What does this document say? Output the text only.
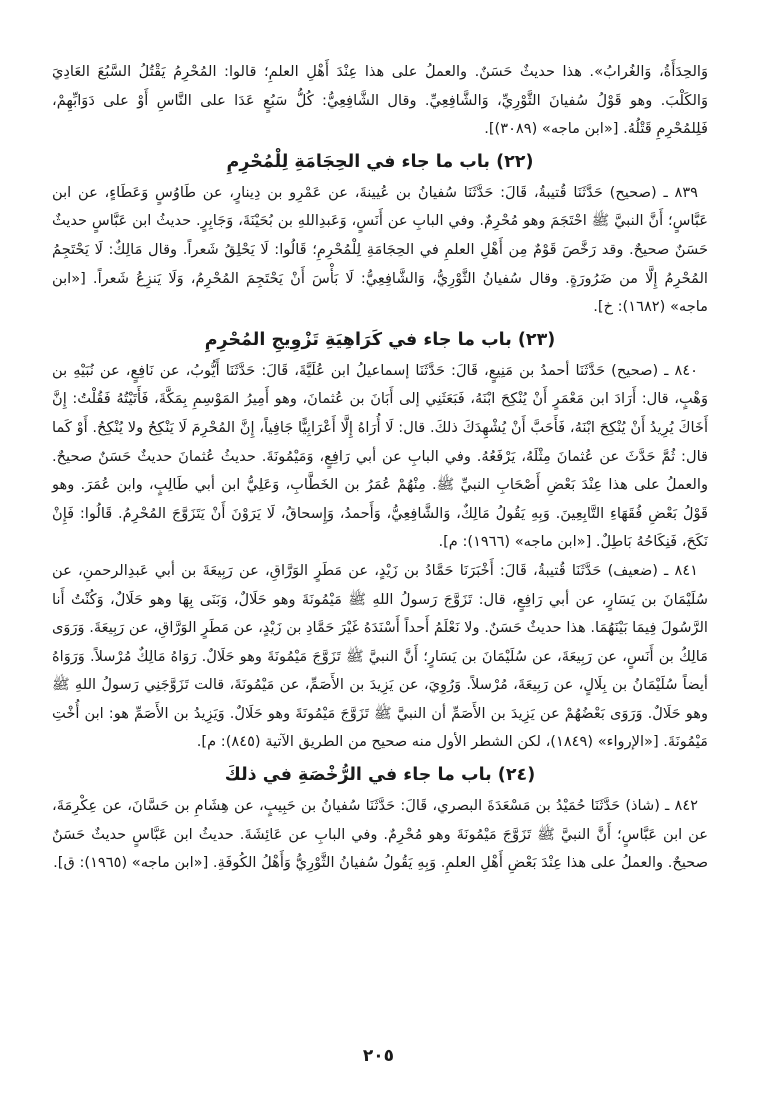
وَالحِدَأَةُ، وَالغُرابُ». هذا حديثٌ حَسَنٌ. والعملُ على هذا عِنْدَ أَهْلِ العلمِ؛ قالوا: المُحْرِمُ يَقْتُلُ السَّبُعَ العَادِيَ وَالكَلْبَ. وهو قَوْلُ سُفيانَ الثَّوْرِيِّ، وَالشَّافِعِيِّ. وقال الشَّافِعِيُّ: كُلُّ سَبُعٍ عَدَا على النَّاسِ أَوْ على دَوَابِّهِمْ، فَلِلمُحْرِمِ قَتْلُهُ. [«ابن ماجه» (٣٠٨٩)].

(٢٢) باب ما جاء في الحِجَامَةِ لِلْمُحْرِمِ

٨٣٩ ـ (صحيح) حَدَّثَنَا قُتيبةُ، قَالَ: حَدَّثَنَا سُفيانُ بن عُيينةَ، عن عَمْرِو بن دِينارٍ، عن طَاوُسٍ وَعَطَاءٍ، عن ابن عَبَّاسٍ؛ أَنَّ النبيَّ ﷺ احْتَجَمَ وهو مُحْرِمٌ. وفي البابِ عن أَنَسٍ، وَعَبدِاللهِ بن بُحَيْنَةَ، وَجَابِرٍ. حديثُ ابن عَبَّاسٍ حديثٌ حَسَنٌ صحيحٌ. وقد رَخَّصَ قَوْمٌ مِن أَهْلِ العلمِ في الحِجَامَةِ لِلْمُحْرِمِ؛ قَالُوا: لَا يَحْلِقُ شَعراً. وقال مَالِكٌ: لَا يَحْتَجِمُ المُحْرِمُ إِلَّا من ضَرُورَةٍ. وقال سُفيانُ الثَّوْرِيُّ، وَالشَّافِعِيُّ: لَا بَأْسَ أَنْ يَحْتَجِمَ المُحْرِمُ، وَلَا يَنزِعُ شَعراً. [«ابن ماجه» (١٦٨٢): خ].

(٢٣) باب ما جاء في كَرَاهِيَةِ تَزْوِيجِ المُحْرِمِ

٨٤٠ ـ (صحيح) حَدَّثَنَا أحمدُ بن مَنِيعٍ، قَالَ: حَدَّثَنَا إسماعيلُ ابن عُلَيَّةَ، قَالَ: حَدَّثَنَا أَيُّوبُ، عن نَافِعٍ، عن نُبَيْهِ بن وَهْبٍ، قال: أَرَادَ ابن مَعْمَرٍ أَنْ يُنْكِحَ ابْنَهُ، فَبَعَثَنِي إلى أَبَانَ بن عُثمانَ، وهو أَمِيرُ المَوْسِمِ بِمَكَّةَ، فَأَتَيْتُهُ فَقُلْتُ: إِنَّ أَخَاكَ يُرِيدُ أَنْ يُنْكِحَ ابْنَهُ، فَأَحَبَّ أَنْ يُشْهِدَكَ ذلكَ. قال: لَا أُرَاهُ إِلَّا أَعْرَابِيًّا جَافِياً، إِنَّ المُحْرِمَ لَا يَنْكِحُ ولا يُنْكِحُ. أَوْ كَما قال: ثُمَّ حَدَّثَ عن عُثمانَ مِثْلَهُ، يَرْفَعُهُ. وفي البابِ عن أبي رَافِعٍ، وَمَيْمُونَةَ. حديثُ عُثمانَ حديثٌ حَسَنٌ صحيحٌ. والعملُ على هذا عِنْدَ بَعْضِ أَصْحَابِ النبيِّ ﷺ. مِنْهُمْ عُمَرُ بن الخَطَّابِ، وَعَلِيُّ ابن أبي طَالِبٍ، وابن عُمَرَ. وهو قَوْلُ بَعْضِ فُقَهَاءِ التَّابِعِينَ. وَبِهِ يَقُولُ مَالِكٌ، وَالشَّافِعِيُّ، وَأَحمدُ، وَإِسحاقُ، لَا يَرَوْنَ أَنْ يَتَزَوَّجَ المُحْرِمُ. قَالُوا: فَإِنْ نَكَحَ، فَنِكَاحُهُ بَاطِلٌ. [«ابن ماجه» (١٩٦٦): م].

٨٤١ ـ (ضعيف) حَدَّثَنَا قُتيبةُ، قَالَ: أَخْبَرَنَا حَمَّادُ بن زَيْدٍ، عن مَطَرٍ الوَرَّاقِ، عن رَبِيعَةَ بن أبي عَبدِالرحمنِ، عن سُلَيْمَانَ بن يَسَارٍ، عن أبي رَافِعٍ، قال: تَزَوَّجَ رَسولُ اللهِ ﷺ مَيْمُونَةَ وهو حَلَالٌ، وَبَنَى بِهَا وهو حَلَالٌ، وَكُنْتُ أَنا الرَّسُولَ فِيمَا بَيْنَهُمَا. هذا حديثٌ حَسَنٌ. ولا نَعْلَمُ أَحداً أَسْنَدَهُ غَيْرَ حَمَّادِ بن زَيْدٍ، عن مَطَرٍ الوَرَّاقِ، عن رَبِيعَةَ. وَرَوَى مَالِكُ بن أَنَسٍ، عن رَبِيعَةَ، عن سُلَيْمَانَ بن يَسَارٍ؛ أَنَّ النبيَّ ﷺ تَزَوَّجَ مَيْمُونَةَ وهو حَلَالٌ. رَوَاهُ مَالِكٌ مُرْسلاً. وَرَوَاهُ أيضاً سُلَيْمَانُ بن بِلَالٍ، عن رَبِيعَةَ، مُرْسلاً. وَرُوِيَ، عن يَزِيدَ بن الأَصَمِّ، عن مَيْمُونَةَ، قالت تَزَوَّجَنِي رَسولُ اللهِ ﷺ وهو حَلَالٌ. وَرَوَى بَعْضُهُمْ عن يَزِيدَ بن الأَصَمِّ أن النبيَّ ﷺ تَزَوَّجَ مَيْمُونَةَ وهو حَلَالٌ. وَيَزِيدُ بن الأَصَمِّ هو: ابن أُخْتِ مَيْمُونَةَ. [«الإرواء» (١٨٤٩)، لكن الشطر الأول منه صحيح من الطريق الآتية (٨٤٥): م].

(٢٤) باب ما جاء في الرُّخْصَةِ في ذلكَ

٨٤٢ ـ (شاذ) حَدَّثَنَا حُمَيْدُ بن مَسْعَدَةَ البصري، قَالَ: حَدَّثَنَا سُفيانُ بن حَبِيبٍ، عن هِشَامِ بن حَسَّانَ، عن عِكْرِمَةَ، عن ابن عَبَّاسٍ؛ أَنَّ النبيَّ ﷺ تَزَوَّجَ مَيْمُونَةَ وهو مُحْرِمٌ. وفي البابِ عن عَائِشَةَ. حديثُ ابن عَبَّاسٍ حديثٌ حَسَنٌ صحيحٌ. والعملُ على هذا عِنْدَ بَعْضِ أَهْلِ العلمِ. وَبِهِ يَقُولُ سُفيانُ الثَّوْرِيُّ وَأَهْلُ الكُوفَةِ. [«ابن ماجه» (١٩٦٥): ق].

٢٠٥
